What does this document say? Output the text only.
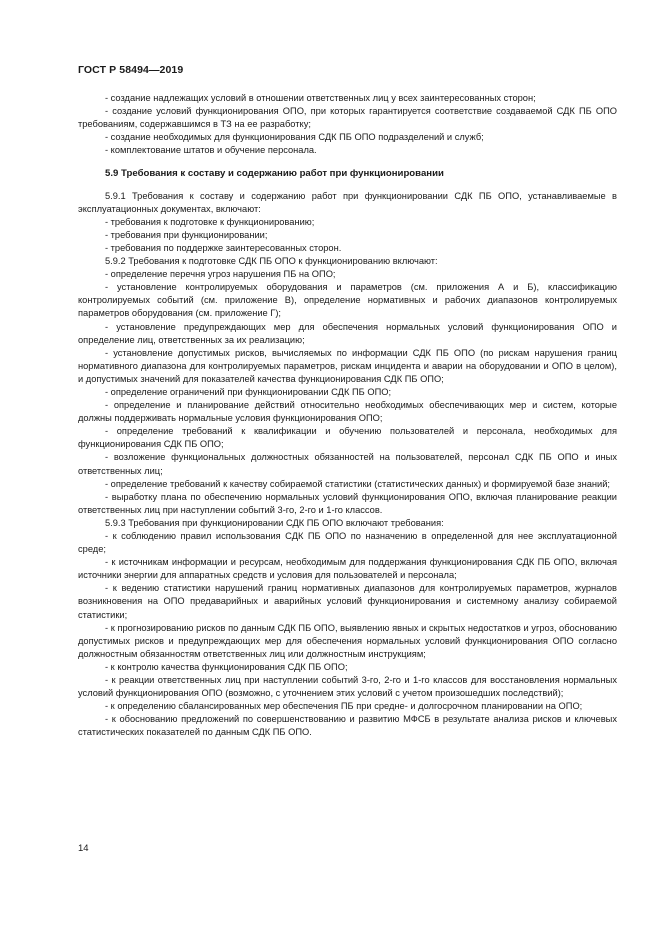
ГОСТ Р 58494—2019

- создание надлежащих условий в отношении ответственных лиц у всех заинтересованных сторон;

- создание условий функционирования ОПО, при которых гарантируется соответствие создаваемой СДК ПБ ОПО требованиям, содержавшимся в ТЗ на ее разработку;

- создание необходимых для функционирования СДК ПБ ОПО подразделений и служб;

- комплектование штатов и обучение персонала.

5.9 Требования к составу и содержанию работ при функционировании

5.9.1 Требования к составу и содержанию работ при функционировании СДК ПБ ОПО, устанавливаемые в эксплуатационных документах, включают:

- требования к подготовке к функционированию;

- требования при функционировании;

- требования по поддержке заинтересованных сторон.

5.9.2 Требования к подготовке СДК ПБ ОПО к функционированию включают:

- определение перечня угроз нарушения ПБ на ОПО;

- установление контролируемых оборудования и параметров (см. приложения А и Б), классификацию контролируемых событий (см. приложение В), определение нормативных и рабочих диапазонов контролируемых параметров оборудования (см. приложение Г);

- установление предупреждающих мер для обеспечения нормальных условий функционирования ОПО и определение лиц, ответственных за их реализацию;

- установление допустимых рисков, вычисляемых по информации СДК ПБ ОПО (по рискам нарушения границ нормативного диапазона для контролируемых параметров, рискам инцидента и аварии на оборудовании и ОПО в целом), и допустимых значений для показателей качества функционирования СДК ПБ ОПО;

- определение ограничений при функционировании СДК ПБ ОПО;

- определение и планирование действий относительно необходимых обеспечивающих мер и систем, которые должны поддерживать нормальные условия функционирования ОПО;

- определение требований к квалификации и обучению пользователей и персонала, необходимых для функционирования СДК ПБ ОПО;

- возложение функциональных должностных обязанностей на пользователей, персонал СДК ПБ ОПО и иных ответственных лиц;

- определение требований к качеству собираемой статистики (статистических данных) и формируемой базе знаний;

- выработку плана по обеспечению нормальных условий функционирования ОПО, включая планирование реакции ответственных лиц при наступлении событий 3-го, 2-го и 1-го классов.

5.9.3 Требования при функционировании СДК ПБ ОПО включают требования:

- к соблюдению правил использования СДК ПБ ОПО по назначению в определенной для нее эксплуатационной среде;

- к источникам информации и ресурсам, необходимым для поддержания функционирования СДК ПБ ОПО, включая источники энергии для аппаратных средств и условия для пользователей и персонала;

- к ведению статистики нарушений границ нормативных диапазонов для контролируемых параметров, журналов возникновения на ОПО предаварийных и аварийных условий функционирования и системному анализу собираемой статистики;

- к прогнозированию рисков по данным СДК ПБ ОПО, выявлению явных и скрытых недостатков и угроз, обоснованию допустимых рисков и предупреждающих мер для обеспечения нормальных условий функционирования ОПО согласно должностным обязанностям ответственных лиц или должностным инструкциям;

- к контролю качества функционирования СДК ПБ ОПО;

- к реакции ответственных лиц при наступлении событий 3-го, 2-го и 1-го классов для восстановления нормальных условий функционирования ОПО (возможно, с уточнением этих условий с учетом произошедших последствий);

- к определению сбалансированных мер обеспечения ПБ при средне- и долгосрочном планировании на ОПО;

- к обоснованию предложений по совершенствованию и развитию МФСБ в результате анализа рисков и ключевых статистических показателей по данным СДК ПБ ОПО.

14
